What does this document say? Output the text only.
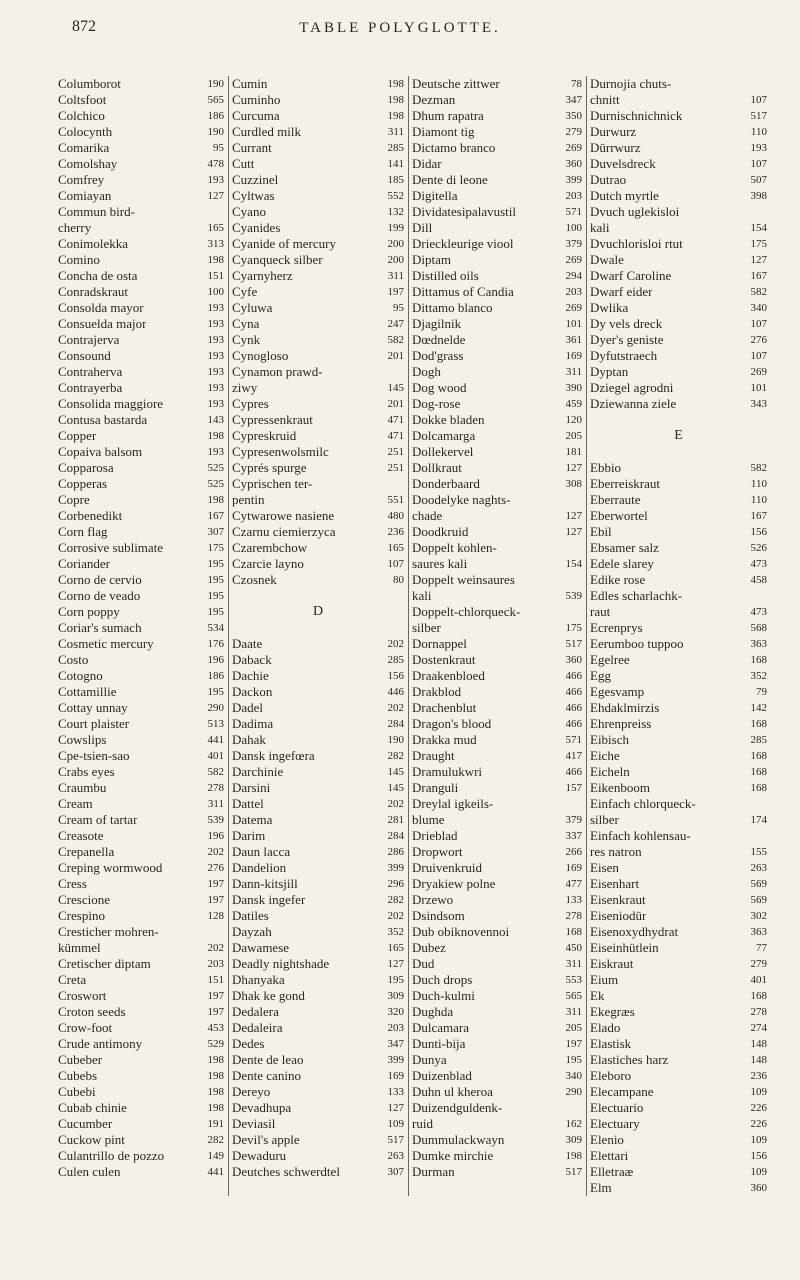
872	TABLE POLYGLOTTE.
Columborot	190
Coltsfoot	565
Colchico	186
Colocynth	190
Comarika	95
Comolshay	478
Comfrey	193
Comiayan	127
Commun bird-
cherry	165
Conimolekka	313
Comino	198
Concha de osta	151
Conradskraut	100
Consolda mayor	193
Consuelda major	193
Contrajerva	193
Consound	193
Contraherva	193
Contrayerba	193
Consolida maggiore	193
Contusa bastarda	143
Copper	198
Copaiva balsom	193
Copparosa	525
Copperas	525
Copre	198
Corbenedikt	167
Corn flag	307
Corrosive sublimate	175
Coriander	195
Corno de cervio	195
Corno de veado	195
Corn poppy	195
Coriar's sumach	534
Cosmetic mercury	176
Costo	196
Cotogno	186
Cottamillie	195
Cottay unnay	290
Court plaister	513
Cowslips	441
Cpe-tsien-sao	401
Crabs eyes	582
Craumbu	278
Cream	311
Cream of tartar	539
Creasote	196
Crepanella	202
Creping wormwood	276
Cress	197
Crescione	197
Crespino	128
Cresticher mohren-
kümmel	202
Cretischer diptam	203
Creta	151
Croswort	197
Croton seeds	197
Crow-foot	453
Crude antimony	529
Cubeber	198
Cubebs	198
Cubebi	198
Cubab chinie	198
Cucumber	191
Cuckow pint	282
Culantrillo de pozzo	149
Culen culen	441
Cumin	198
Cuminho	198
Curcuma	198
Curdled milk	311
Currant	285
Cutt	141
Cuzzinel	185
Cyltwas	552
Cyano	132
Cyanides	199
Cyanide of mercury	200
Cyanqueck silber	200
Cyarnyherz	311
Cyfe	197
Cyluwa	95
Cyna	247
Cynk	582
Cynogloso	201
Cynamon prawd-
ziwy	145
Cypres	201
Cypressenkraut	471
Cypreskruid	471
Cypresenwolsmilc	251
Cyprés spurge	251
Cyprischen ter-
pentin	551
Cytwarowe nasiene	480
Czarnu ciemierzyca	236
Czarembchow	165
Czarcie layno	107
Czosnek	80
D
Daate	202
Daback	285
Dachie	156
Dackon	446
Dadel	202
Dadima	284
Dahak	190
Dansk ingefœra	282
Darchinie	145
Darsini	145
Dattel	202
Datema	281
Darim	284
Daun lacca	286
Dandelion	399
Dann-kitsjill	296
Dansk ingefer	282
Datiles	202
Dayzah	352
Dawamese	165
Deadly nightshade	127
Dhanyaka	195
Dhak ke gond	309
Dedalera	320
Dedaleira	203
Dedes	347
Dente de leao	399
Dente canino	169
Dereyo	133
Devadhupa	127
Deviasil	109
Devil's apple	517
Dewaduru	263
Deutches schwerdtel	307
Deutsche zittwer	78
Dezman	347
Dhum rapatra	350
Diamont tig	279
Dictamo branco	269
Didar	360
Dente di leone	399
Digitella	203
Dividatesipalavustil	571
Dill	100
Drieckleurige viool	379
Diptam	269
Distilled oils	294
Dittamus of Candia	203
Dittamo blanco	269
Djagilnik	101
Dœdnelde	361
Dod'grass	169
Dogh	311
Dog wood	390
Dog-rose	459
Dokke bladen	120
Dolcamarga	205
Dollekervel	181
Dollkraut	127
Donderbaard	308
Doodelyke naghts-
chade	127
Doodkruid	127
Doppelt kohlen-
saures kali	154
Doppelt weinsaures
kali	539
Doppelt-chlorqueck-
silber	175
Dornappel	517
Dostenkraut	360
Draakenbloed	466
Drakblod	466
Drachenblut	466
Dragon's blood	466
Drakka mud	571
Draught	417
Dramulukwri	466
Dranguli	157
Dreylal igkeils-
blume	379
Drieblad	337
Dropwort	266
Druivenkruid	169
Dryakiew polne	477
Drzewo	133
Dsindsom	278
Dub obiknovennoi	168
Dubez	450
Dud	311
Duch drops	553
Duch-kulmi	565
Dughda	311
Dulcamara	205
Dunti-bija	197
Dunya	195
Duizenblad	340
Duhn ul kheroa	290
Duizendguldenk-
ruid	162
Dummulackwayn	309
Dumke mirchie	198
Durman	517
Durnojia chuts-
chnitt	107
Durnischnichnick	517
Durwurz	110
Dürrwurz	193
Duvelsdreck	107
Dutrao	507
Dutch myrtle	398
Dvuch uglekisloi
kali	154
Dvuchlorisloi rtut	175
Dwale	127
Dwarf Caroline	167
Dwarf eider	582
Dwlika	340
Dy vels dreck	107
Dyer's geniste	276
Dyfutstraech	107
Dyptan	269
Dziegel agrodni	101
Dziewanna ziele	343
E
Ebbio	582
Eberreiskraut	110
Eberraute	110
Eberwortel	167
Ebil	156
Ebsamer salz	526
Edele slarey	473
Edike rose	458
Edles scharlachk-
raut	473
Ecrenprys	568
Eerumboo tuppoo	363
Egelree	168
Egg	352
Egesvamp	79
Ehdaklmirzis	142
Ehrenpreiss	168
Eibisch	285
Eiche	168
Eicheln	168
Eikenboom	168
Einfach chlorqueck-
silber	174
Einfach kohlensau-
res natron	155
Eisen	263
Eisenhart	569
Eisenkraut	569
Eiseniodür	302
Eisenoxydhydrat	363
Eiseinhütlein	77
Eiskraut	279
Eium	401
Ek	168
Ekegræs	278
Elado	274
Elastisk	148
Elastiches harz	148
Eleboro	236
Elecampane	109
Electuario	226
Electuary	226
Elenio	109
Elettari	156
Elletraæ	109
Elm	360
